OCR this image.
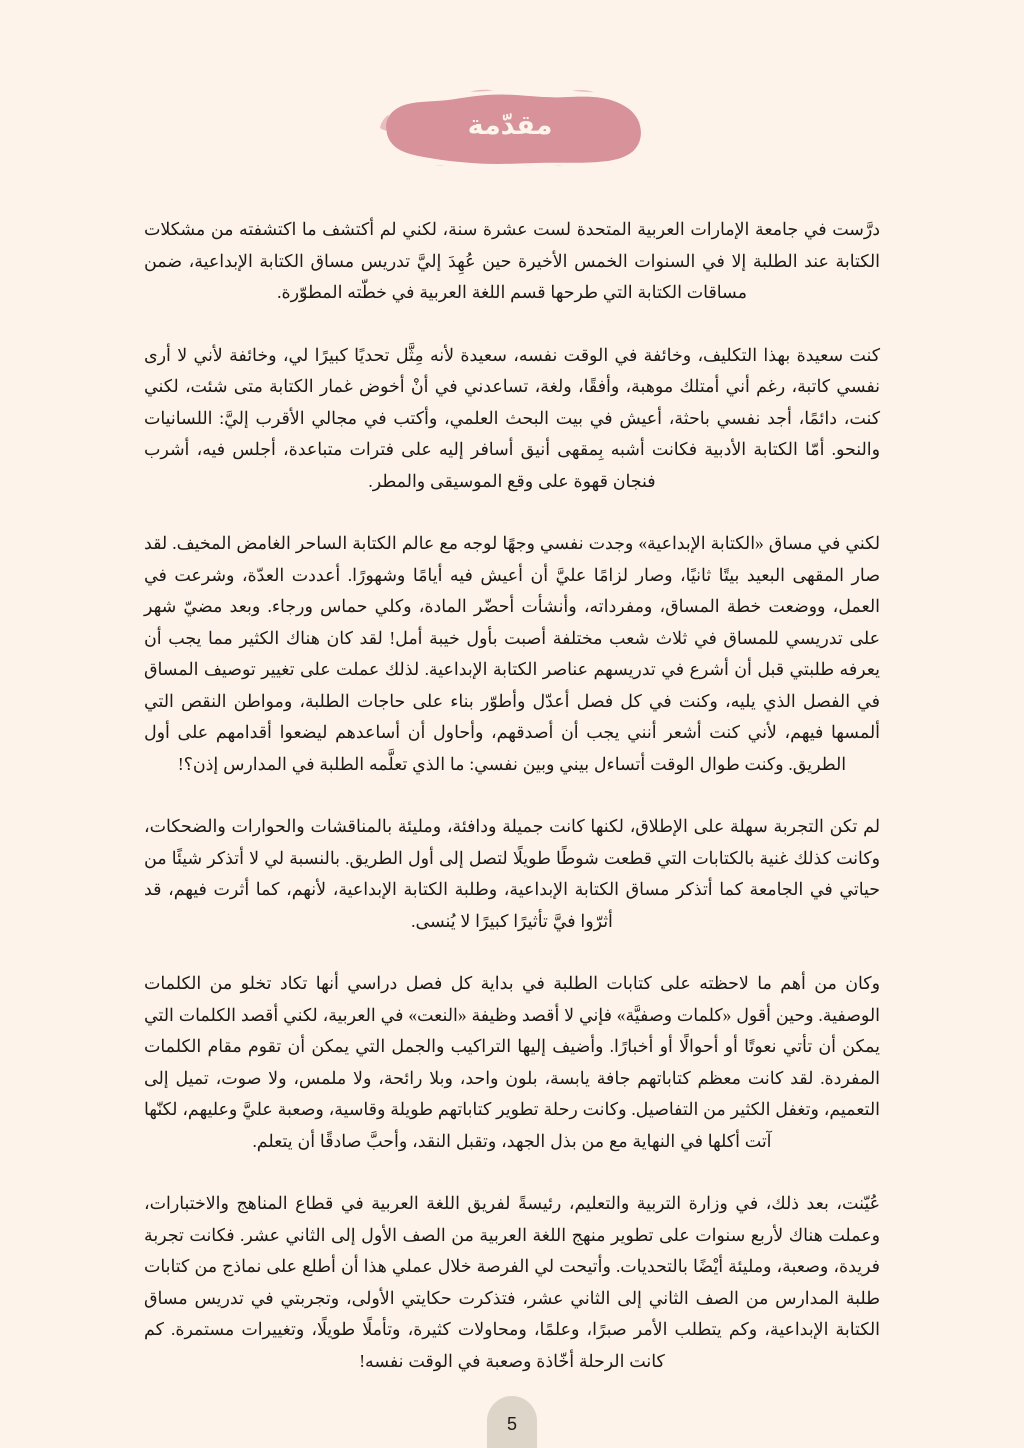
مقدّمة

درَّست في جامعة الإمارات العربية المتحدة لست عشرة سنة، لكني لم أكتشف ما اكتشفته من مشكلات الكتابة عند الطلبة إلا في السنوات الخمس الأخيرة حين عُهِدَ إليَّ تدريس مساق الكتابة الإبداعية، ضمن مساقات الكتابة التي طرحها قسم اللغة العربية في خطّته المطوّرة.

كنت سعيدة بهذا التكليف، وخائفة في الوقت نفسه، سعيدة لأنه مِثَّل تحديًا كبيرًا لي، وخائفة لأني لا أرى نفسي كاتبة، رغم أني أمتلك موهبة، وأفقًا، ولغة، تساعدني في أنْ أخوض غمار الكتابة متى شئت، لكني كنت، دائمًا، أجد نفسي باحثة، أعيش في بيت البحث العلمي، وأكتب في مجالي الأقرب إليَّ: اللسانيات والنحو. أمّا الكتابة الأدبية فكانت أشبه بِمقهى أنيق أسافر إليه على فترات متباعدة، أجلس فيه، أشرب فنجان قهوة على وقع الموسيقى والمطر.

لكني في مساق «الكتابة الإبداعية» وجدت نفسي وجهًا لوجه مع عالم الكتابة الساحر الغامض المخيف. لقد صار المقهى البعيد بيتًا ثانيًا، وصار لزامًا عليَّ أن أعيش فيه أيامًا وشهورًا. أعددت العدّة، وشرعت في العمل، ووضعت خطة المساق، ومفرداته، وأنشأت أحضّر المادة، وكلي حماس ورجاء. وبعد مضيّ شهر على تدريسي للمساق في ثلاث شعب مختلفة أصبت بأول خيبة أمل! لقد كان هناك الكثير مما يجب أن يعرفه طلبتي قبل أن أشرع في تدريسهم عناصر الكتابة الإبداعية. لذلك عملت على تغيير توصيف المساق في الفصل الذي يليه، وكنت في كل فصل أعدّل وأطوّر بناء على حاجات الطلبة، ومواطن النقص التي ألمسها فيهم، لأني كنت أشعر أنني يجب أن أصدقهم، وأحاول أن أساعدهم ليضعوا أقدامهم على أول الطريق. وكنت طوال الوقت أتساءل بيني وبين نفسي: ما الذي تعلَّمه الطلبة في المدارس إذن؟!

لم تكن التجربة سهلة على الإطلاق، لكنها كانت جميلة ودافئة، ومليئة بالمناقشات والحوارات والضحكات، وكانت كذلك غنية بالكتابات التي قطعت شوطًا طويلًا لتصل إلى أول الطريق. بالنسبة لي لا أتذكر شيئًا من حياتي في الجامعة كما أتذكر مساق الكتابة الإبداعية، وطلبة الكتابة الإبداعية، لأنهم، كما أثرت فيهم، قد أثرّوا فيَّ تأثيرًا كبيرًا لا يُنسى.

وكان من أهم ما لاحظته على كتابات الطلبة في بداية كل فصل دراسي أنها تكاد تخلو من الكلمات الوصفية. وحين أقول «كلمات وصفيَّة» فإني لا أقصد وظيفة «النعت» في العربية، لكني أقصد الكلمات التي يمكن أن تأتي نعوتًا أو أحوالًا أو أخبارًا. وأضيف إليها التراكيب والجمل التي يمكن أن تقوم مقام الكلمات المفردة. لقد كانت معظم كتاباتهم جافة يابسة، بلون واحد، وبلا رائحة، ولا ملمس، ولا صوت، تميل إلى التعميم، وتغفل الكثير من التفاصيل. وكانت رحلة تطوير كتاباتهم طويلة وقاسية، وصعبة عليَّ وعليهم، لكنّها آتت أكلها في النهاية مع من بذل الجهد، وتقبل النقد، وأحبَّ صادقًا أن يتعلم.

عُيّنت، بعد ذلك، في وزارة التربية والتعليم، رئيسةً لفريق اللغة العربية في قطاع المناهج والاختبارات، وعملت هناك لأربع سنوات على تطوير منهج اللغة العربية من الصف الأول إلى الثاني عشر. فكانت تجربة فريدة، وصعبة، ومليئة أيْضًا بالتحديات. وأتيحت لي الفرصة خلال عملي هذا أن أطلع على نماذج من كتابات طلبة المدارس من الصف الثاني إلى الثاني عشر، فتذكرت حكايتي الأولى، وتجربتي في تدريس مساق الكتابة الإبداعية، وكم يتطلب الأمر صبرًا، وعلمًا، ومحاولات كثيرة، وتأملًا طويلًا، وتغييرات مستمرة. كم كانت الرحلة أخّاذة وصعبة في الوقت نفسه!

5
